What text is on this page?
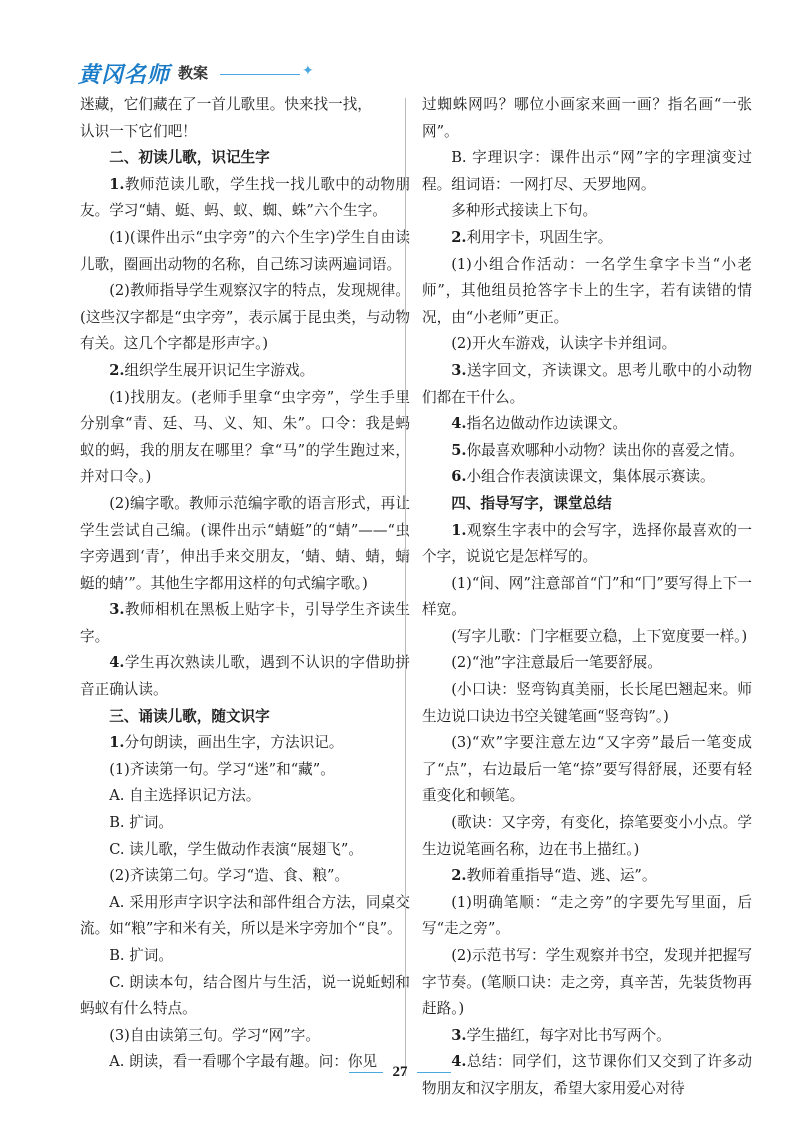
黄冈名师 教案	✦

迷藏，它们藏在了一首儿歌里。快来找一找，

认识一下它们吧！

二、初读儿歌，识记生字

1.教师范读儿歌，学生找一找儿歌中的动物朋友。学习“蜻、蜓、蚂、蚁、蜘、蛛”六个生字。

(1)(课件出示“虫字旁”的六个生字)学生自由读儿歌，圈画出动物的名称，自己练习读两遍词语。

(2)教师指导学生观察汉字的特点，发现规律。(这些汉字都是“虫字旁”，表示属于昆虫类，与动物有关。这几个字都是形声字。)

2.组织学生展开识记生字游戏。

(1)找朋友。(老师手里拿“虫字旁”，学生手里分别拿“青、廷、马、义、知、朱”。口令：我是蚂蚁的蚂，我的朋友在哪里？拿“马”的学生跑过来，并对口令。)

(2)编字歌。教师示范编字歌的语言形式，再让学生尝试自己编。(课件出示“蜻蜓”的“蜻”——“虫字旁遇到‘青’，伸出手来交朋友，‘蜻、蜻、蜻，蜻蜓的蜻’”。其他生字都用这样的句式编字歌。)

3.教师相机在黑板上贴字卡，引导学生齐读生字。

4.学生再次熟读儿歌，遇到不认识的字借助拼音正确认读。

三、诵读儿歌，随文识字

1.分句朗读，画出生字，方法识记。

(1)齐读第一句。学习“迷”和“藏”。

A. 自主选择识记方法。

B. 扩词。

C. 读儿歌，学生做动作表演“展翅飞”。

(2)齐读第二句。学习“造、食、粮”。

A. 采用形声字识字法和部件组合方法，同桌交流。如“粮”字和米有关，所以是米字旁加个“良”。

B. 扩词。

C. 朗读本句，结合图片与生活，说一说蚯蚓和蚂蚁有什么特点。

(3)自由读第三句。学习“网”字。

A. 朗读，看一看哪个字最有趣。问：你见

过蜘蛛网吗？哪位小画家来画一画？指名画“一张网”。

B. 字理识字：课件出示“网”字的字理演变过程。组词语：一网打尽、天罗地网。

多种形式接读上下句。

2.利用字卡，巩固生字。

(1)小组合作活动：一名学生拿字卡当“小老师”，其他组员抢答字卡上的生字，若有读错的情况，由“小老师”更正。

(2)开火车游戏，认读字卡并组词。

3.送字回文，齐读课文。思考儿歌中的小动物们都在干什么。

4.指名边做动作边读课文。

5.你最喜欢哪种小动物？读出你的喜爱之情。

6.小组合作表演读课文，集体展示赛读。

四、指导写字，课堂总结

1.观察生字表中的会写字，选择你最喜欢的一个字，说说它是怎样写的。

(1)“间、网”注意部首“门”和“冂”要写得上下一样宽。

(写字儿歌：门字框要立稳，上下宽度要一样。)

(2)“池”字注意最后一笔要舒展。

(小口诀：竖弯钩真美丽，长长尾巴翘起来。师生边说口诀边书空关键笔画“竖弯钩”。)

(3)“欢”字要注意左边“又字旁”最后一笔变成了“点”，右边最后一笔“捺”要写得舒展，还要有轻重变化和顿笔。

(歌诀：又字旁，有变化，捺笔要变小小点。学生边说笔画名称，边在书上描红。)

2.教师着重指导“造、逃、运”。

(1)明确笔顺：“走之旁”的字要先写里面，后写“走之旁”。

(2)示范书写：学生观察并书空，发现并把握写字节奏。(笔顺口诀：走之旁，真辛苦，先装货物再赶路。)

3.学生描红，每字对比书写两个。

4.总结：同学们，这节课你们又交到了许多动物朋友和汉字朋友，希望大家用爱心对待

27
